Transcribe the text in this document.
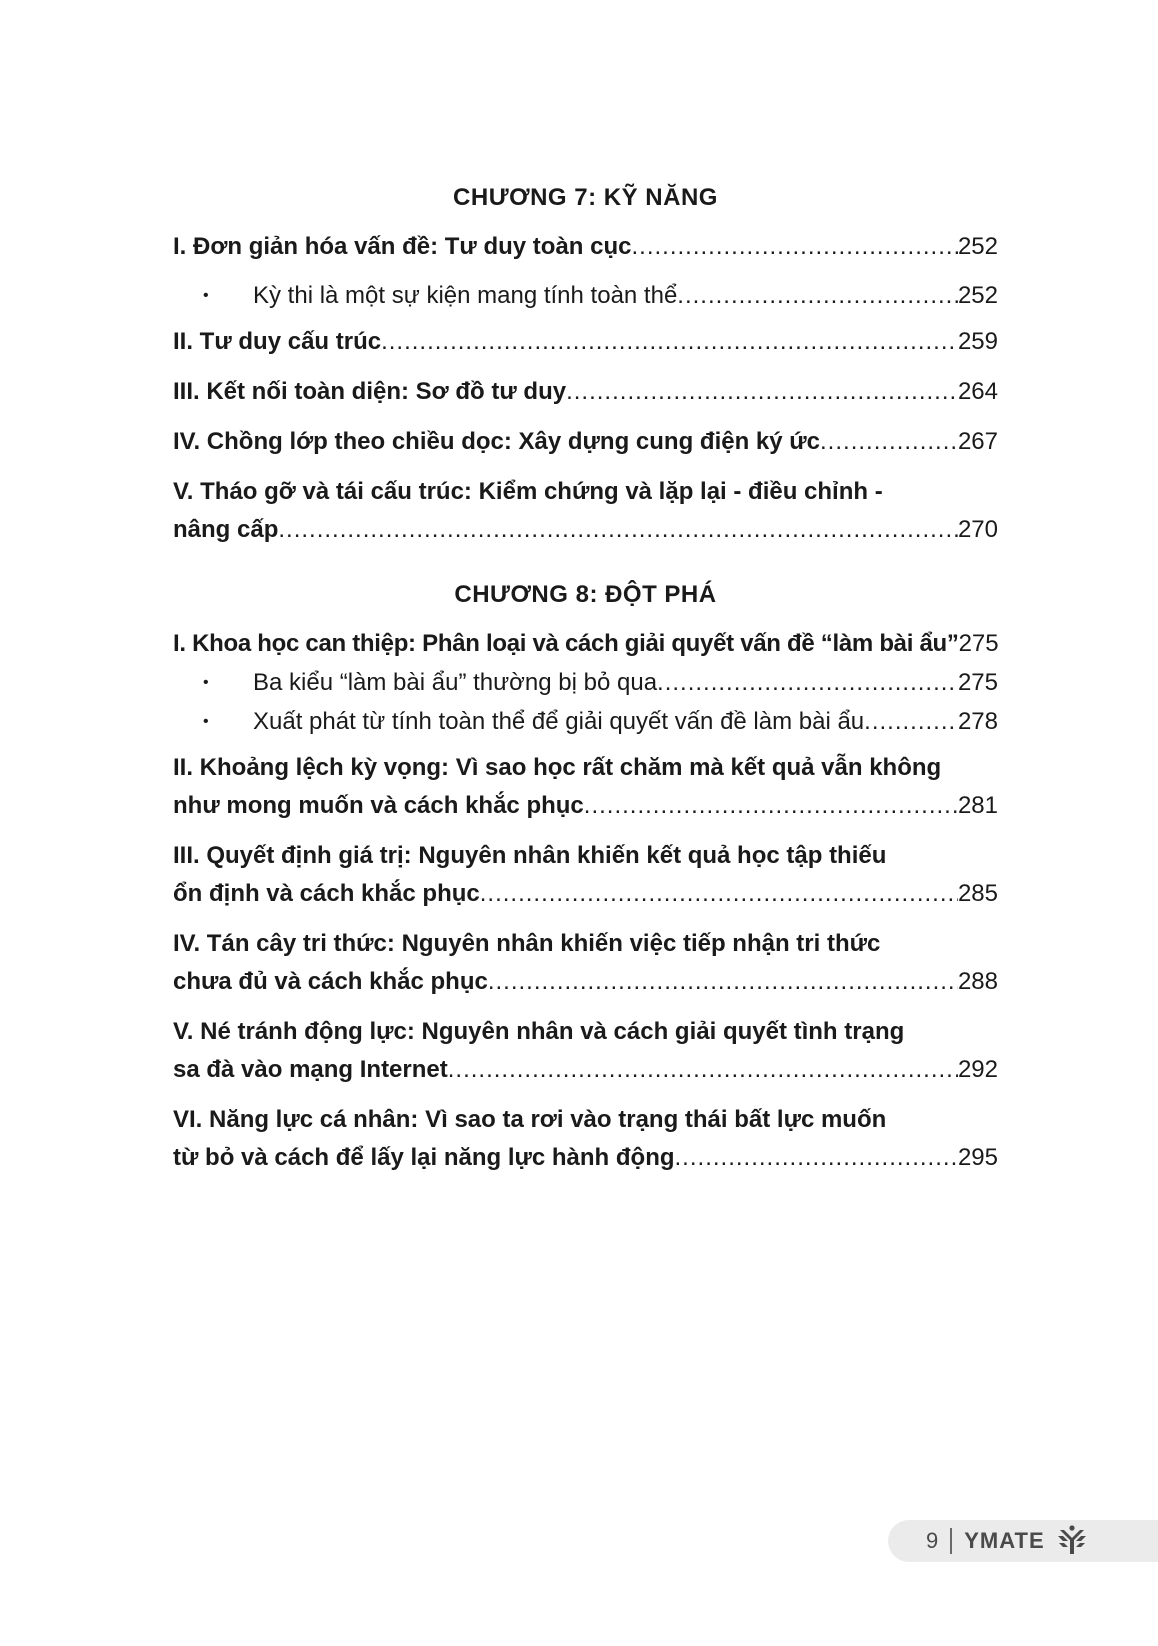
CHƯƠNG 7: KỸ NĂNG
I. Đơn giản hóa vấn đề: Tư duy toàn cục .....	252
• Kỳ thi là một sự kiện mang tính toàn thể .....	252
II. Tư duy cấu trúc .....	259
III. Kết nối toàn diện: Sơ đồ tư duy .....	264
IV. Chồng lớp theo chiều dọc: Xây dựng cung điện ký ức .....	267
V. Tháo gỡ và tái cấu trúc: Kiểm chứng và lặp lại - điều chỉnh -
nâng cấp .....	270
CHƯƠNG 8: ĐỘT PHÁ
I. Khoa học can thiệp: Phân loại và cách giải quyết vấn đề “làm bài ẩu” 275
• Ba kiểu “làm bài ẩu” thường bị bỏ qua .....	275
• Xuất phát từ tính toàn thể để giải quyết vấn đề làm bài ẩu .....	278
II. Khoảng lệch kỳ vọng: Vì sao học rất chăm mà kết quả vẫn không
như mong muốn và cách khắc phục .....	281
III. Quyết định giá trị: Nguyên nhân khiến kết quả học tập thiếu
ổn định và cách khắc phục .....	285
IV. Tán cây tri thức: Nguyên nhân khiến việc tiếp nhận tri thức
chưa đủ và cách khắc phục .....	288
V. Né tránh động lực: Nguyên nhân và cách giải quyết tình trạng
sa đà vào mạng Internet .....	292
VI. Năng lực cá nhân: Vì sao ta rơi vào trạng thái bất lực muốn
từ bỏ và cách để lấy lại năng lực hành động .....	295
9 YMATE
